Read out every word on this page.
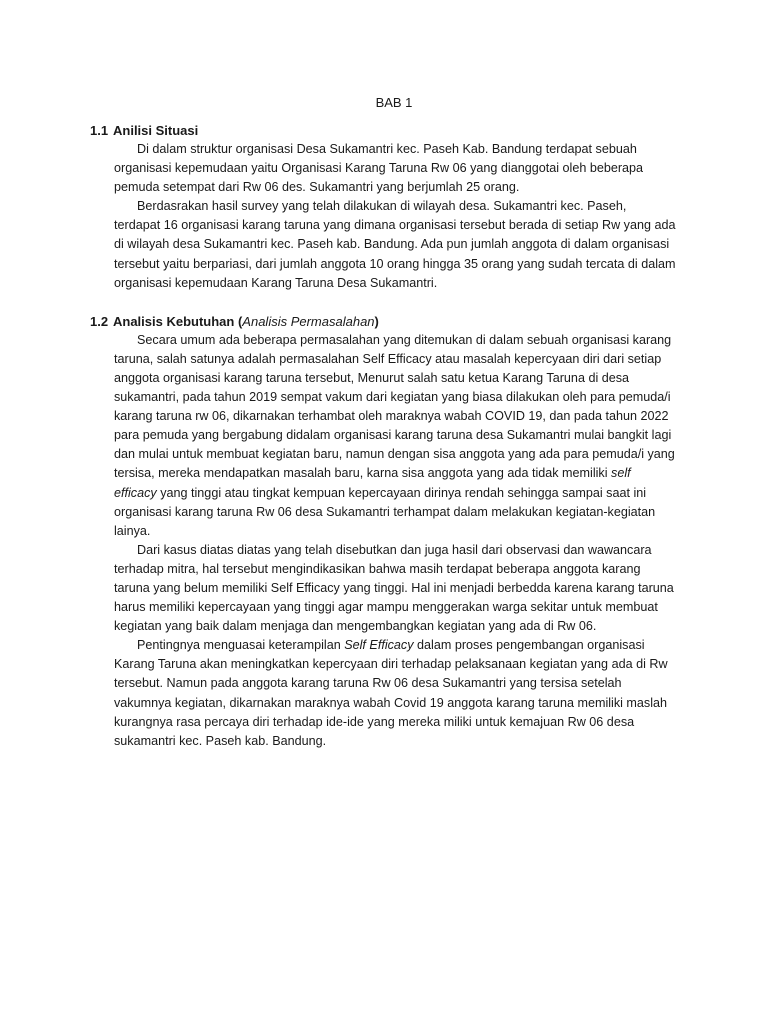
BAB 1
1.1 Anilisi Situasi

Di dalam struktur organisasi Desa Sukamantri kec. Paseh Kab. Bandung terdapat sebuah organisasi kepemudaan yaitu Organisasi Karang Taruna Rw 06 yang dianggotai oleh beberapa pemuda setempat dari Rw 06 des. Sukamantri yang berjumlah 25 orang.

Berdasrakan hasil survey yang telah dilakukan di wilayah desa. Sukamantri kec. Paseh, terdapat 16 organisasi karang taruna yang dimana organisasi tersebut berada di setiap Rw yang ada di wilayah desa Sukamantri kec. Paseh kab. Bandung. Ada pun jumlah anggota di dalam organisasi tersebut yaitu berpariasi, dari jumlah anggota 10 orang hingga 35 orang yang sudah tercata di dalam organisasi kepemudaan Karang Taruna Desa Sukamantri.

1.2 Analisis Kebutuhan (Analisis Permasalahan)

Secara umum ada beberapa permasalahan yang ditemukan di dalam sebuah organisasi karang taruna, salah satunya adalah permasalahan Self Efficacy atau masalah kepercyaan diri dari setiap anggota organisasi karang taruna tersebut, Menurut salah satu ketua Karang Taruna di desa sukamantri, pada tahun 2019 sempat vakum dari kegiatan yang biasa dilakukan oleh para pemuda/i karang taruna rw 06, dikarnakan terhambat oleh maraknya wabah COVID 19, dan pada tahun 2022 para pemuda yang bergabung didalam organisasi karang taruna desa Sukamantri mulai bangkit lagi dan mulai untuk membuat kegiatan baru, namun dengan sisa anggota yang ada para pemuda/i yang tersisa, mereka mendapatkan masalah baru, karna sisa anggota yang ada tidak memiliki self efficacy yang tinggi atau tingkat kempuan kepercayaan dirinya rendah sehingga sampai saat ini organisasi karang taruna Rw 06 desa Sukamantri terhampat dalam melakukan kegiatan-kegiatan lainya.

Dari kasus diatas diatas yang telah disebutkan dan juga hasil dari observasi dan wawancara terhadap mitra, hal tersebut mengindikasikan bahwa masih terdapat beberapa anggota karang taruna yang belum memiliki Self Efficacy yang tinggi. Hal ini menjadi berbedda karena karang taruna harus memiliki kepercayaan yang tinggi agar mampu menggerakan warga sekitar untuk membuat kegiatan yang baik dalam menjaga dan mengembangkan kegiatan yang ada di Rw 06.

Pentingnya menguasai keterampilan Self Efficacy dalam proses pengembangan organisasi Karang Taruna akan meningkatkan kepercyaan diri terhadap pelaksanaan kegiatan yang ada di Rw tersebut. Namun pada anggota karang taruna Rw 06 desa Sukamantri yang tersisa setelah vakumnya kegiatan, dikarnakan maraknya wabah Covid 19 anggota karang taruna memiliki maslah kurangnya rasa percaya diri terhadap ide-ide yang mereka miliki untuk kemajuan Rw 06 desa sukamantri kec. Paseh kab. Bandung.
